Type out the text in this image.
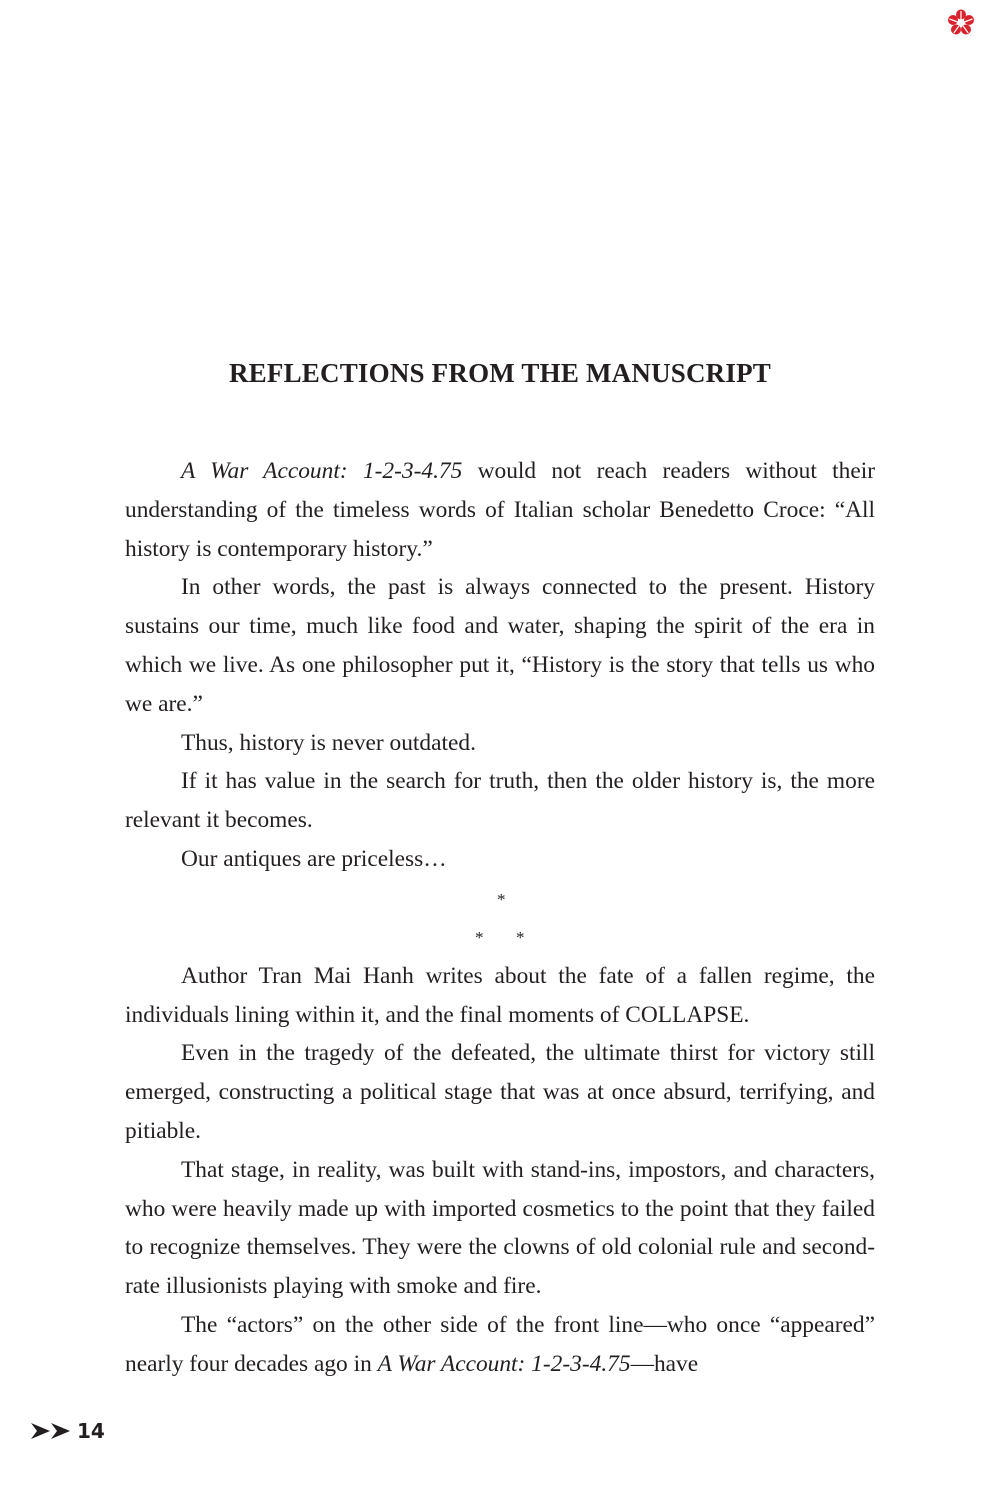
REFLECTIONS FROM THE MANUSCRIPT

A War Account: 1-2-3-4.75 would not reach readers without their understanding of the timeless words of Italian scholar Benedetto Croce: “All history is contemporary history.”

In other words, the past is always connected to the present. History sustains our time, much like food and water, shaping the spirit of the era in which we live. As one philosopher put it, “History is the story that tells us who we are.”

Thus, history is never outdated.

If it has value in the search for truth, then the older history is, the more relevant it becomes.

Our antiques are priceless…

*
* *

Author Tran Mai Hanh writes about the fate of a fallen regime, the individuals lining within it, and the final moments of COLLAPSE.

Even in the tragedy of the defeated, the ultimate thirst for victory still emerged, constructing a political stage that was at once absurd, terrifying, and pitiable.

That stage, in reality, was built with stand-ins, impostors, and characters, who were heavily made up with imported cosmetics to the point that they failed to recognize themselves. They were the clowns of old colonial rule and second-rate illusionists playing with smoke and fire.

The “actors” on the other side of the front line—who once “appeared” nearly four decades ago in A War Account: 1-2-3-4.75—have

14
